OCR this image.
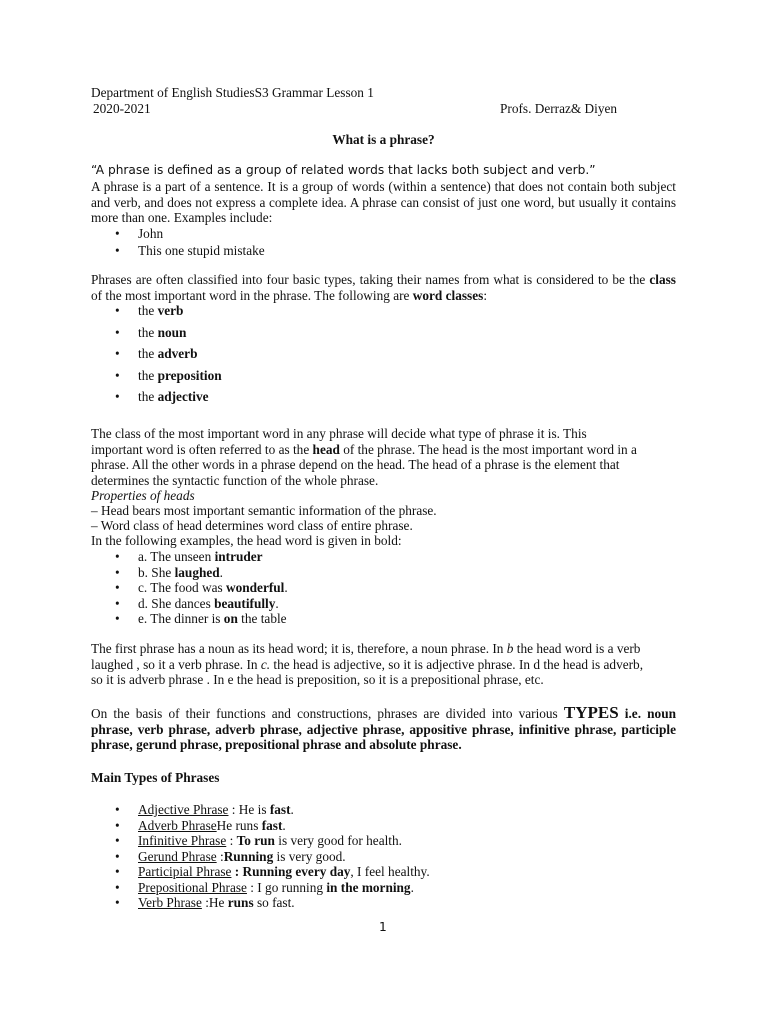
Department of English StudiesS3 Grammar Lesson 1
2020-2021	Profs. Derraz& Diyen
What is a phrase?
“A phrase is defined as a group of related words that lacks both subject and verb.”
A phrase is a part of a sentence. It is a group of words (within a sentence) that does not contain both subject and verb, and does not express a complete idea. A phrase can consist of just one word, but usually it contains more than one. Examples include:
• John
• This one stupid mistake
Phrases are often classified into four basic types, taking their names from what is considered to be the class of the most important word in the phrase. The following are word classes:
• the verb
• the noun
• the adverb
• the preposition
• the adjective
The class of the most important word in any phrase will decide what type of phrase it is. This
important word is often referred to as the head of the phrase. The head is the most important word in a
phrase. All the other words in a phrase depend on the head. The head of a phrase is the element that
determines the syntactic function of the whole phrase.
Properties of heads
– Head bears most important semantic information of the phrase.
– Word class of head determines word class of entire phrase.
In the following examples, the head word is given in bold:
• a. The unseen intruder
• b. She laughed.
• c. The food was wonderful.
• d. She dances beautifully.
• e. The dinner is on the table
The first phrase has a noun as its head word; it is, therefore, a noun phrase. In b the head word is a verb
laughed , so it a verb phrase. In c. the head is adjective, so it is adjective phrase. In d the head is adverb,
so it is adverb phrase . In e the head is preposition, so it is a prepositional phrase, etc.
On the basis of their functions and constructions, phrases are divided into various TYPES i.e. noun phrase, verb phrase, adverb phrase, adjective phrase, appositive phrase, infinitive phrase, participle phrase, gerund phrase, prepositional phrase and absolute phrase.
Main Types of Phrases
• Adjective Phrase : He is fast.
• Adverb PhraseHe runs fast.
• Infinitive Phrase : To run is very good for health.
• Gerund Phrase :Running is very good.
• Participial Phrase : Running every day, I feel healthy.
• Prepositional Phrase : I go running in the morning.
• Verb Phrase :He runs so fast.
1
